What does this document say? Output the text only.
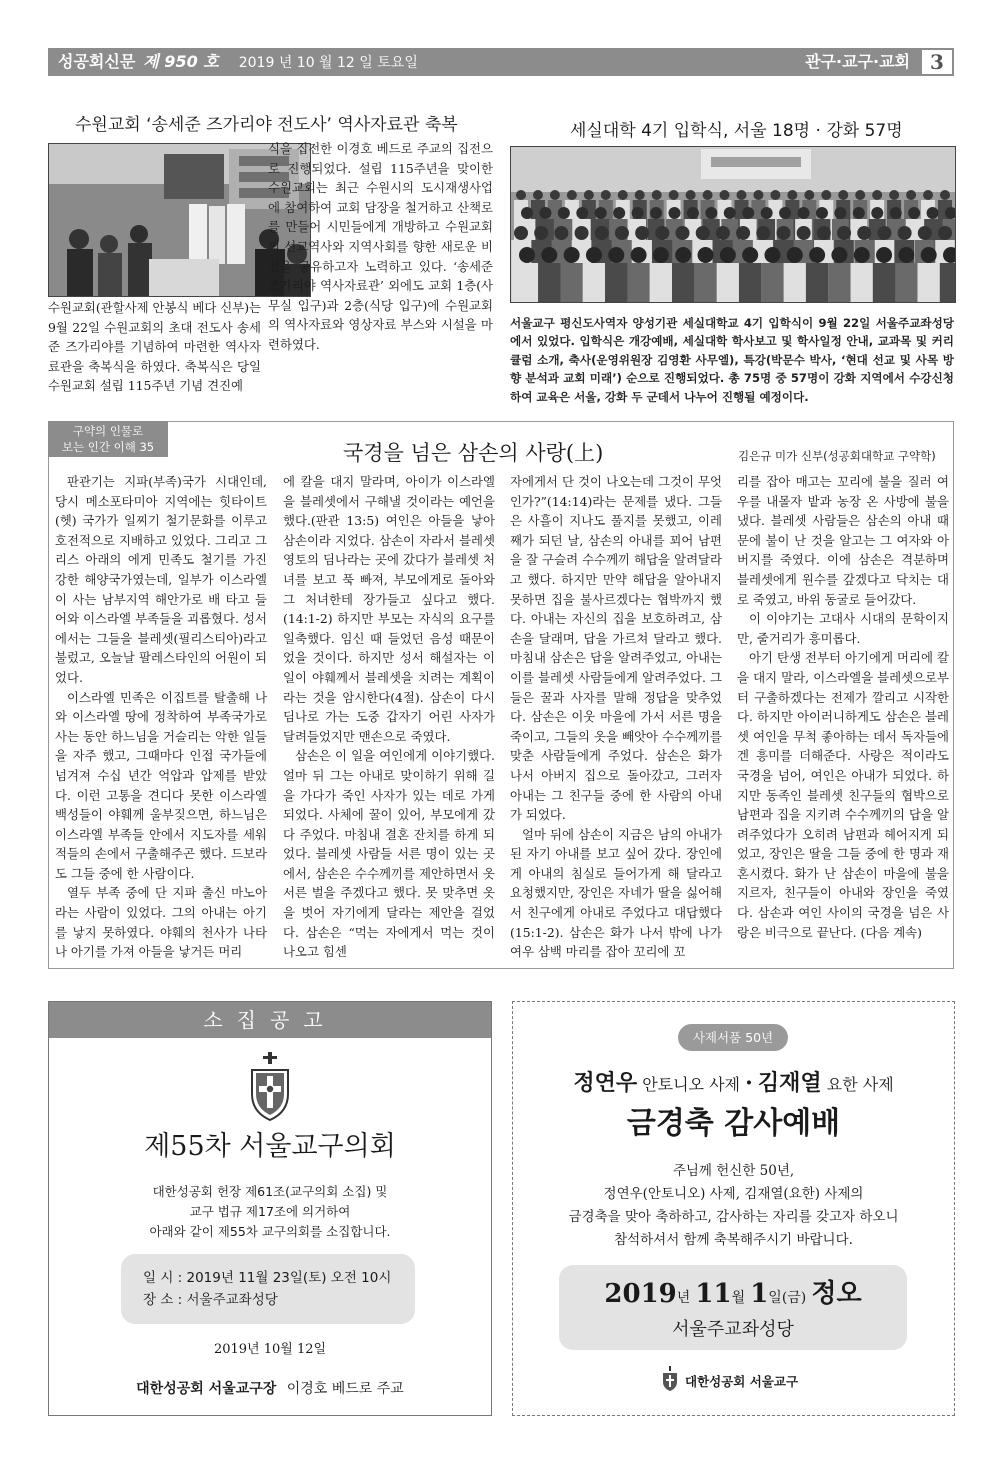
성공회신문 제 950 호 2019 년 10 월 12 일 토요일	관구·교구·교회	3
수원교회 ‘송세준 즈가리야 전도사’ 역사자료관 축복

수원교회(관할사제 안봉식 베다 신부)는 9월 22일 수원교회의 초대 전도사 송세준 즈가리야를 기념하여 마련한 역사자료관을 축복식을 하였다. 축복식은 당일 수원교회 설립 115주년 기념 견진예

식을 집전한 이경호 베드로 주교의 집전으로 진행되었다. 설립 115주년을 맞이한 수원교회는 최근 수원시의 도시재생사업에 참여하여 교회 담장을 철거하고 산책로를 만들어 시민들에게 개방하고 수원교회의 선교역사와 지역사회를 향한 새로운 비전을 공유하고자 노력하고 있다. ‘송세준 즈가리야 역사자료관’ 외에도 교회 1층(사무실 입구)과 2층(식당 입구)에 수원교회의 역사자료와 영상자료 부스와 시설을 마련하였다.

세실대학 4기 입학식, 서울 18명 · 강화 57명

서울교구 평신도사역자 양성기관 세실대학교 4기 입학식이 9월 22일 서울주교좌성당에서 있었다. 입학식은 개강예배, 세실대학 학사보고 및 학사일정 안내, 교과목 및 커리큘럼 소개, 축사(운영위원장 김영환 사무엘), 특강(박문수 박사, ‘현대 선교 및 사목 방향 분석과 교회 미래’) 순으로 진행되었다. 총 75명 중 57명이 강화 지역에서 수강신청하여 교육은 서울, 강화 두 군데서 나누어 진행될 예정이다.

구약의 인물로
보는 인간 이해 35	국경을 넘은 삼손의 사랑(上)	김은규 미가 신부(성공회대학교 구약학)

판관기는 지파(부족)국가 시대인데, 당시 메소포타미아 지역에는 힛타이트(헷) 국가가 일찌기 철기문화를 이루고 호전적으로 지배하고 있었다. 그리고 그리스 아래의 에게 민족도 철기를 가진 강한 해양국가였는데, 일부가 이스라엘이 사는 남부지역 해안가로 배 타고 들어와 이스라엘 부족들을 괴롭혔다. 성서에서는 그들을 블레셋(필리스티아)라고 불렀고, 오늘날 팔레스타인의 어원이 되었다.

이스라엘 민족은 이집트를 탈출해 나와 이스라엘 땅에 정착하여 부족국가로 사는 동안 하느님을 거슬리는 악한 일들을 자주 했고, 그때마다 인접 국가들에 넘겨져 수십 년간 억압과 압제를 받았다. 이런 고통을 견디다 못한 이스라엘 백성들이 야훼께 울부짖으면, 하느님은 이스라엘 부족들 안에서 지도자를 세워 적들의 손에서 구출해주곤 했다. 드보라도 그들 중에 한 사람이다.

열두 부족 중에 단 지파 출신 마노아라는 사람이 있었다. 그의 아내는 아기를 낳지 못하였다. 야훼의 천사가 나타나 아기를 가져 아들을 낳거든 머리

에 칼을 대지 말라며, 아이가 이스라엘을 블레셋에서 구해낼 것이라는 예언을 했다.(판관 13:5) 여인은 아들을 낳아 삼손이라 지었다. 삼손이 자라서 블레셋 영토의 딤나라는 곳에 갔다가 블레셋 처녀를 보고 푹 빠져, 부모에게로 돌아와 그 처녀한테 장가들고 싶다고 했다.(14:1-2) 하지만 부모는 자식의 요구를 일축했다. 임신 때 들었던 음성 때문이었을 것이다. 하지만 성서 해설자는 이 일이 야훼께서 블레셋을 치려는 계획이라는 것을 암시한다(4절). 삼손이 다시 딤나로 가는 도중 갑자기 어린 사자가 달려들었지만 맨손으로 죽였다.

삼손은 이 일을 여인에게 이야기했다. 얼마 뒤 그는 아내로 맞이하기 위해 길을 가다가 죽인 사자가 있는 데로 가게 되었다. 사체에 꿀이 있어, 부모에게 갔다 주었다. 마침내 결혼 잔치를 하게 되었다. 블레셋 사람들 서른 명이 있는 곳에서, 삼손은 수수께끼를 제안하면서 옷 서른 벌을 주겠다고 했다. 못 맞추면 옷을 벗어 자기에게 달라는 제안을 걸었다. 삼손은 “먹는 자에게서 먹는 것이 나오고 힘센

자에게서 단 것이 나오는데 그것이 무엇인가?”(14:14)라는 문제를 냈다. 그들은 사흘이 지나도 풀지를 못했고, 이레째가 되던 날, 삼손의 아내를 꾀어 남편을 잘 구슬려 수수께끼 해답을 알려달라고 했다. 하지만 만약 해답을 알아내지 못하면 집을 불사르겠다는 협박까지 했다. 아내는 자신의 집을 보호하려고, 삼손을 달래며, 답을 가르쳐 달라고 했다. 마침내 삼손은 답을 알려주었고, 아내는 이를 블레셋 사람들에게 알려주었다. 그들은 꿀과 사자를 말해 정답을 맞추었다. 삼손은 이웃 마을에 가서 서른 명을 죽이고, 그들의 옷을 빼앗아 수수께끼를 맞춘 사람들에게 주었다. 삼손은 화가 나서 아버지 집으로 돌아갔고, 그러자 아내는 그 친구들 중에 한 사람의 아내가 되었다.

얼마 뒤에 삼손이 지금은 남의 아내가 된 자기 아내를 보고 싶어 갔다. 장인에게 아내의 침실로 들어가게 해 달라고 요청했지만, 장인은 자네가 딸을 싫어해서 친구에게 아내로 주었다고 대답했다(15:1-2). 삼손은 화가 나서 밖에 나가 여우 삼백 마리를 잡아 꼬리에 꼬

리를 잡아 매고는 꼬리에 불을 질러 여우를 내몰자 밭과 농장 온 사방에 불을 냈다. 블레셋 사람들은 삼손의 아내 때문에 불이 난 것을 알고는 그 여자와 아버지를 죽였다. 이에 삼손은 격분하며 블레셋에게 원수를 갚겠다고 닥치는 대로 죽였고, 바위 동굴로 들어갔다.

이 이야기는 고대사 시대의 문학이지만, 줄거리가 흥미롭다.

아기 탄생 전부터 아기에게 머리에 칼을 대지 말라, 이스라엘을 블레셋으로부터 구출하겠다는 전제가 깔리고 시작한다. 하지만 아이러니하게도 삼손은 블레셋 여인을 무척 좋아하는 데서 독자들에겐 흥미를 더해준다. 사랑은 적이라도 국경을 넘어, 여인은 아내가 되었다. 하지만 동족인 블레셋 친구들의 협박으로 남편과 집을 지키려 수수께끼의 답을 알려주었다가 오히려 남편과 헤어지게 되었고, 장인은 딸을 그들 중에 한 명과 재혼시켰다. 화가 난 삼손이 마을에 불을 지르자, 친구들이 아내와 장인을 죽였다. 삼손과 여인 사이의 국경을 넘은 사랑은 비극으로 끝난다. (다음 계속)

소집공고
제55차 서울교구의회
대한성공회 헌장 제61조(교구의회 소집) 및
교구 법규 제17조에 의거하여
아래와 같이 제55차 교구의회를 소집합니다.
일 시 : 2019년 11월 23일(토) 오전 10시
장 소 : 서울주교좌성당
2019년 10월 12일
대한성공회 서울교구장 이경호 베드로 주교
사제서품 50년
정연우 안토니오 사제 · 김재열 요한 사제
금경축 감사예배
주님께 헌신한 50년,
정연우(안토니오) 사제, 김재열(요한) 사제의
금경축을 맞아 축하하고, 감사하는 자리를 갖고자 하오니
참석하셔서 함께 축복해주시기 바랍니다.
2019년 11월 1일(금) 정오
서울주교좌성당
대한성공회 서울교구
